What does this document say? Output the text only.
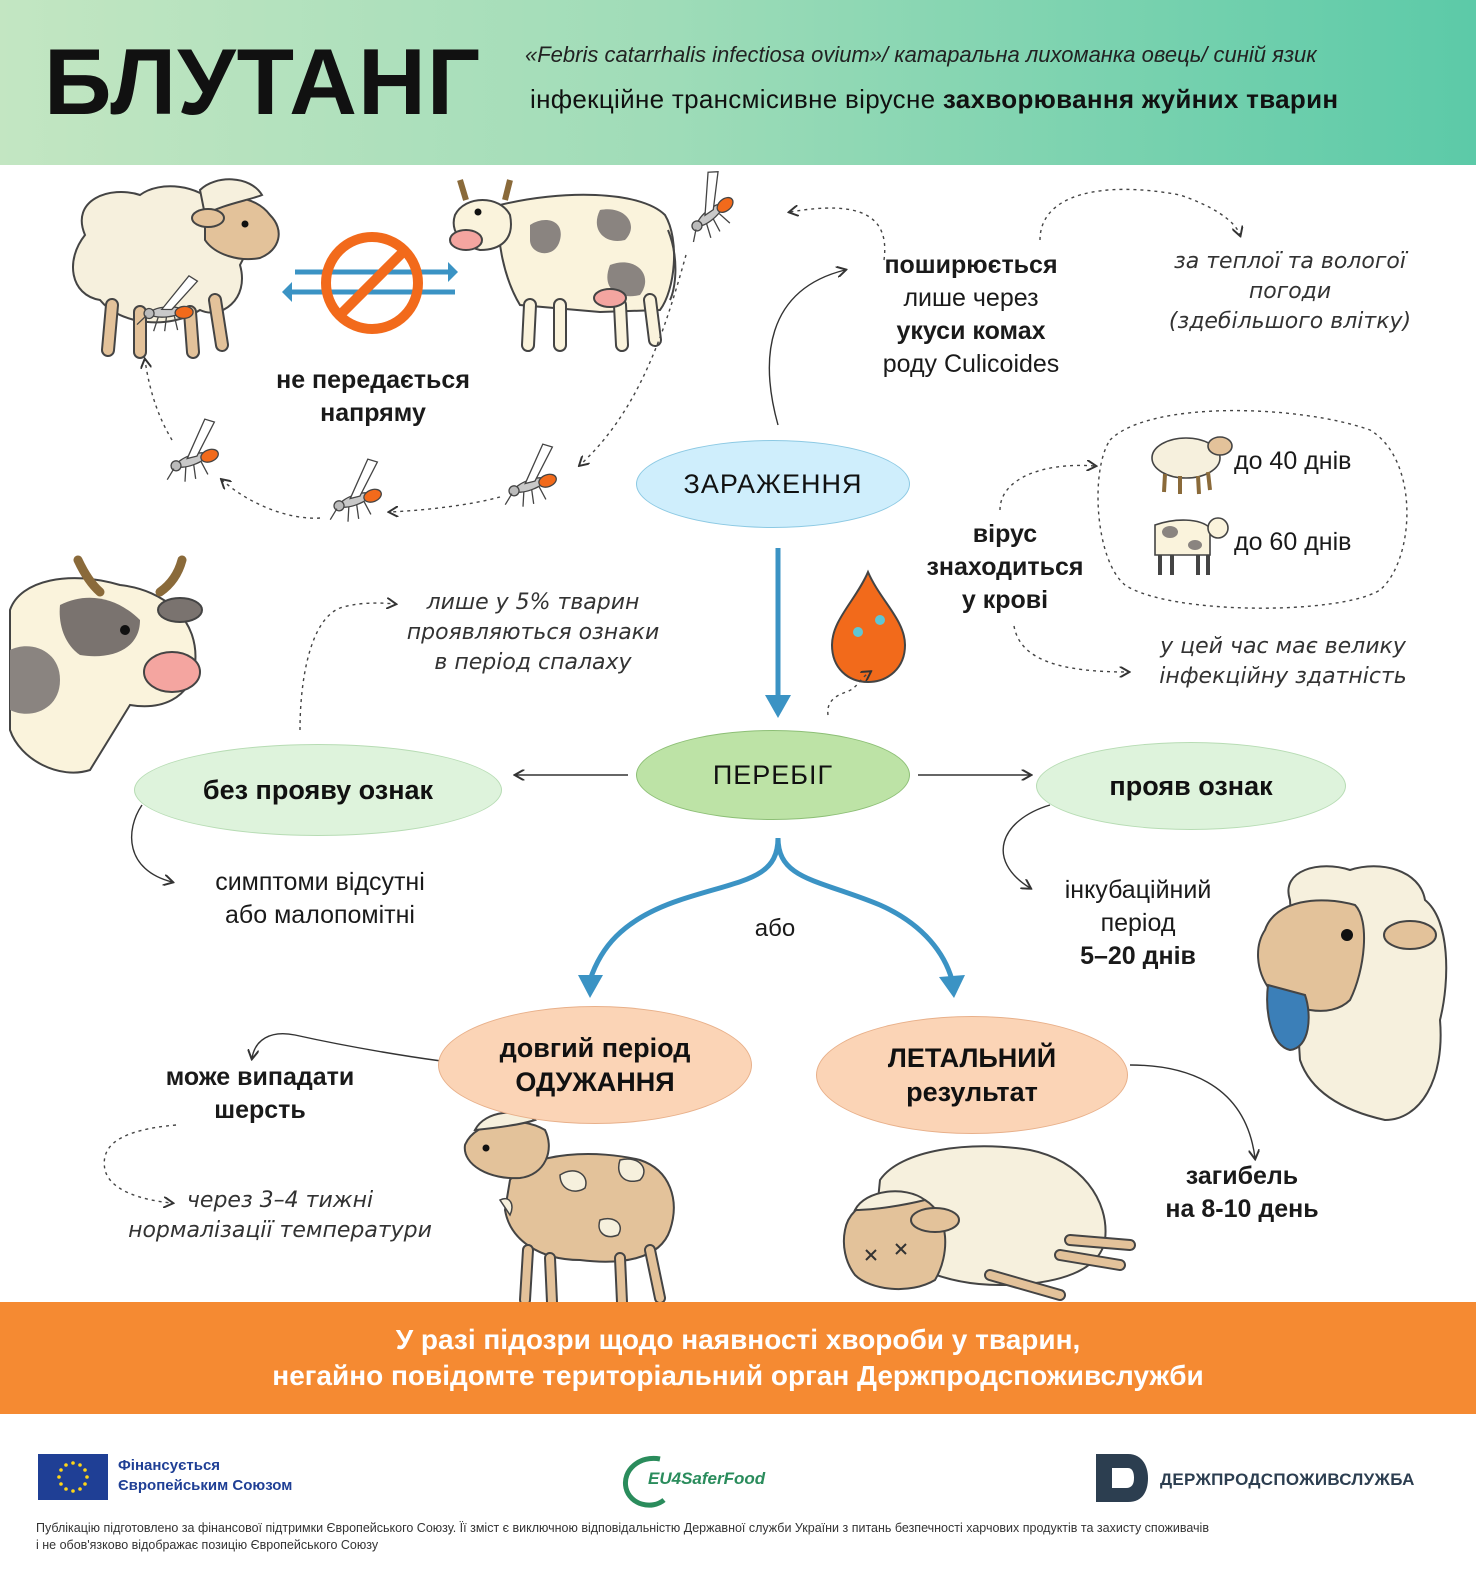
БЛУТАНГ «Febris catarrhalis infectiosa ovium»/ катаральна лихоманка овець/ синій язик
інфекційне трансмісивне вірусне захворювання жуйних тварин
не передається
напряму
поширюється
лише через
укуси комах
роду Culicoides
за теплої та вологої
погоди
(здебільшого влітку)
ЗАРАЖЕННЯ
вірус
знаходиться
у крові
до 40 днів
до 60 днів
у цей час має велику
інфекційну здатність
лише у 5% тварин
проявляються ознаки
в період спалаху
ПЕРЕБІГ
без прояву ознак	прояв ознак
симптоми відсутні
або малопомітні
інкубаційний
період
5–20 днів
або
довгий період
ОДУЖАННЯ
ЛЕТАЛЬНИЙ
результат
може випадати
шерсть
через 3–4 тижні
нормалізації температури
загибель
на 8-10 день
У разі підозри щодо наявності хвороби у тварин,
негайно повідомте територіальний орган Держпродспоживслужби
Фінансується
Європейським Союзом	EU4SaferFood	ДЕРЖПРОДСПОЖИВСЛУЖБА
Публікацію підготовлено за фінансової підтримки Європейського Союзу. Її зміст є виключною відповідальністю Державної служби України з питань безпечності харчових продуктів та захисту споживачів
і не обов'язково відображає позицію Європейського Союзу
